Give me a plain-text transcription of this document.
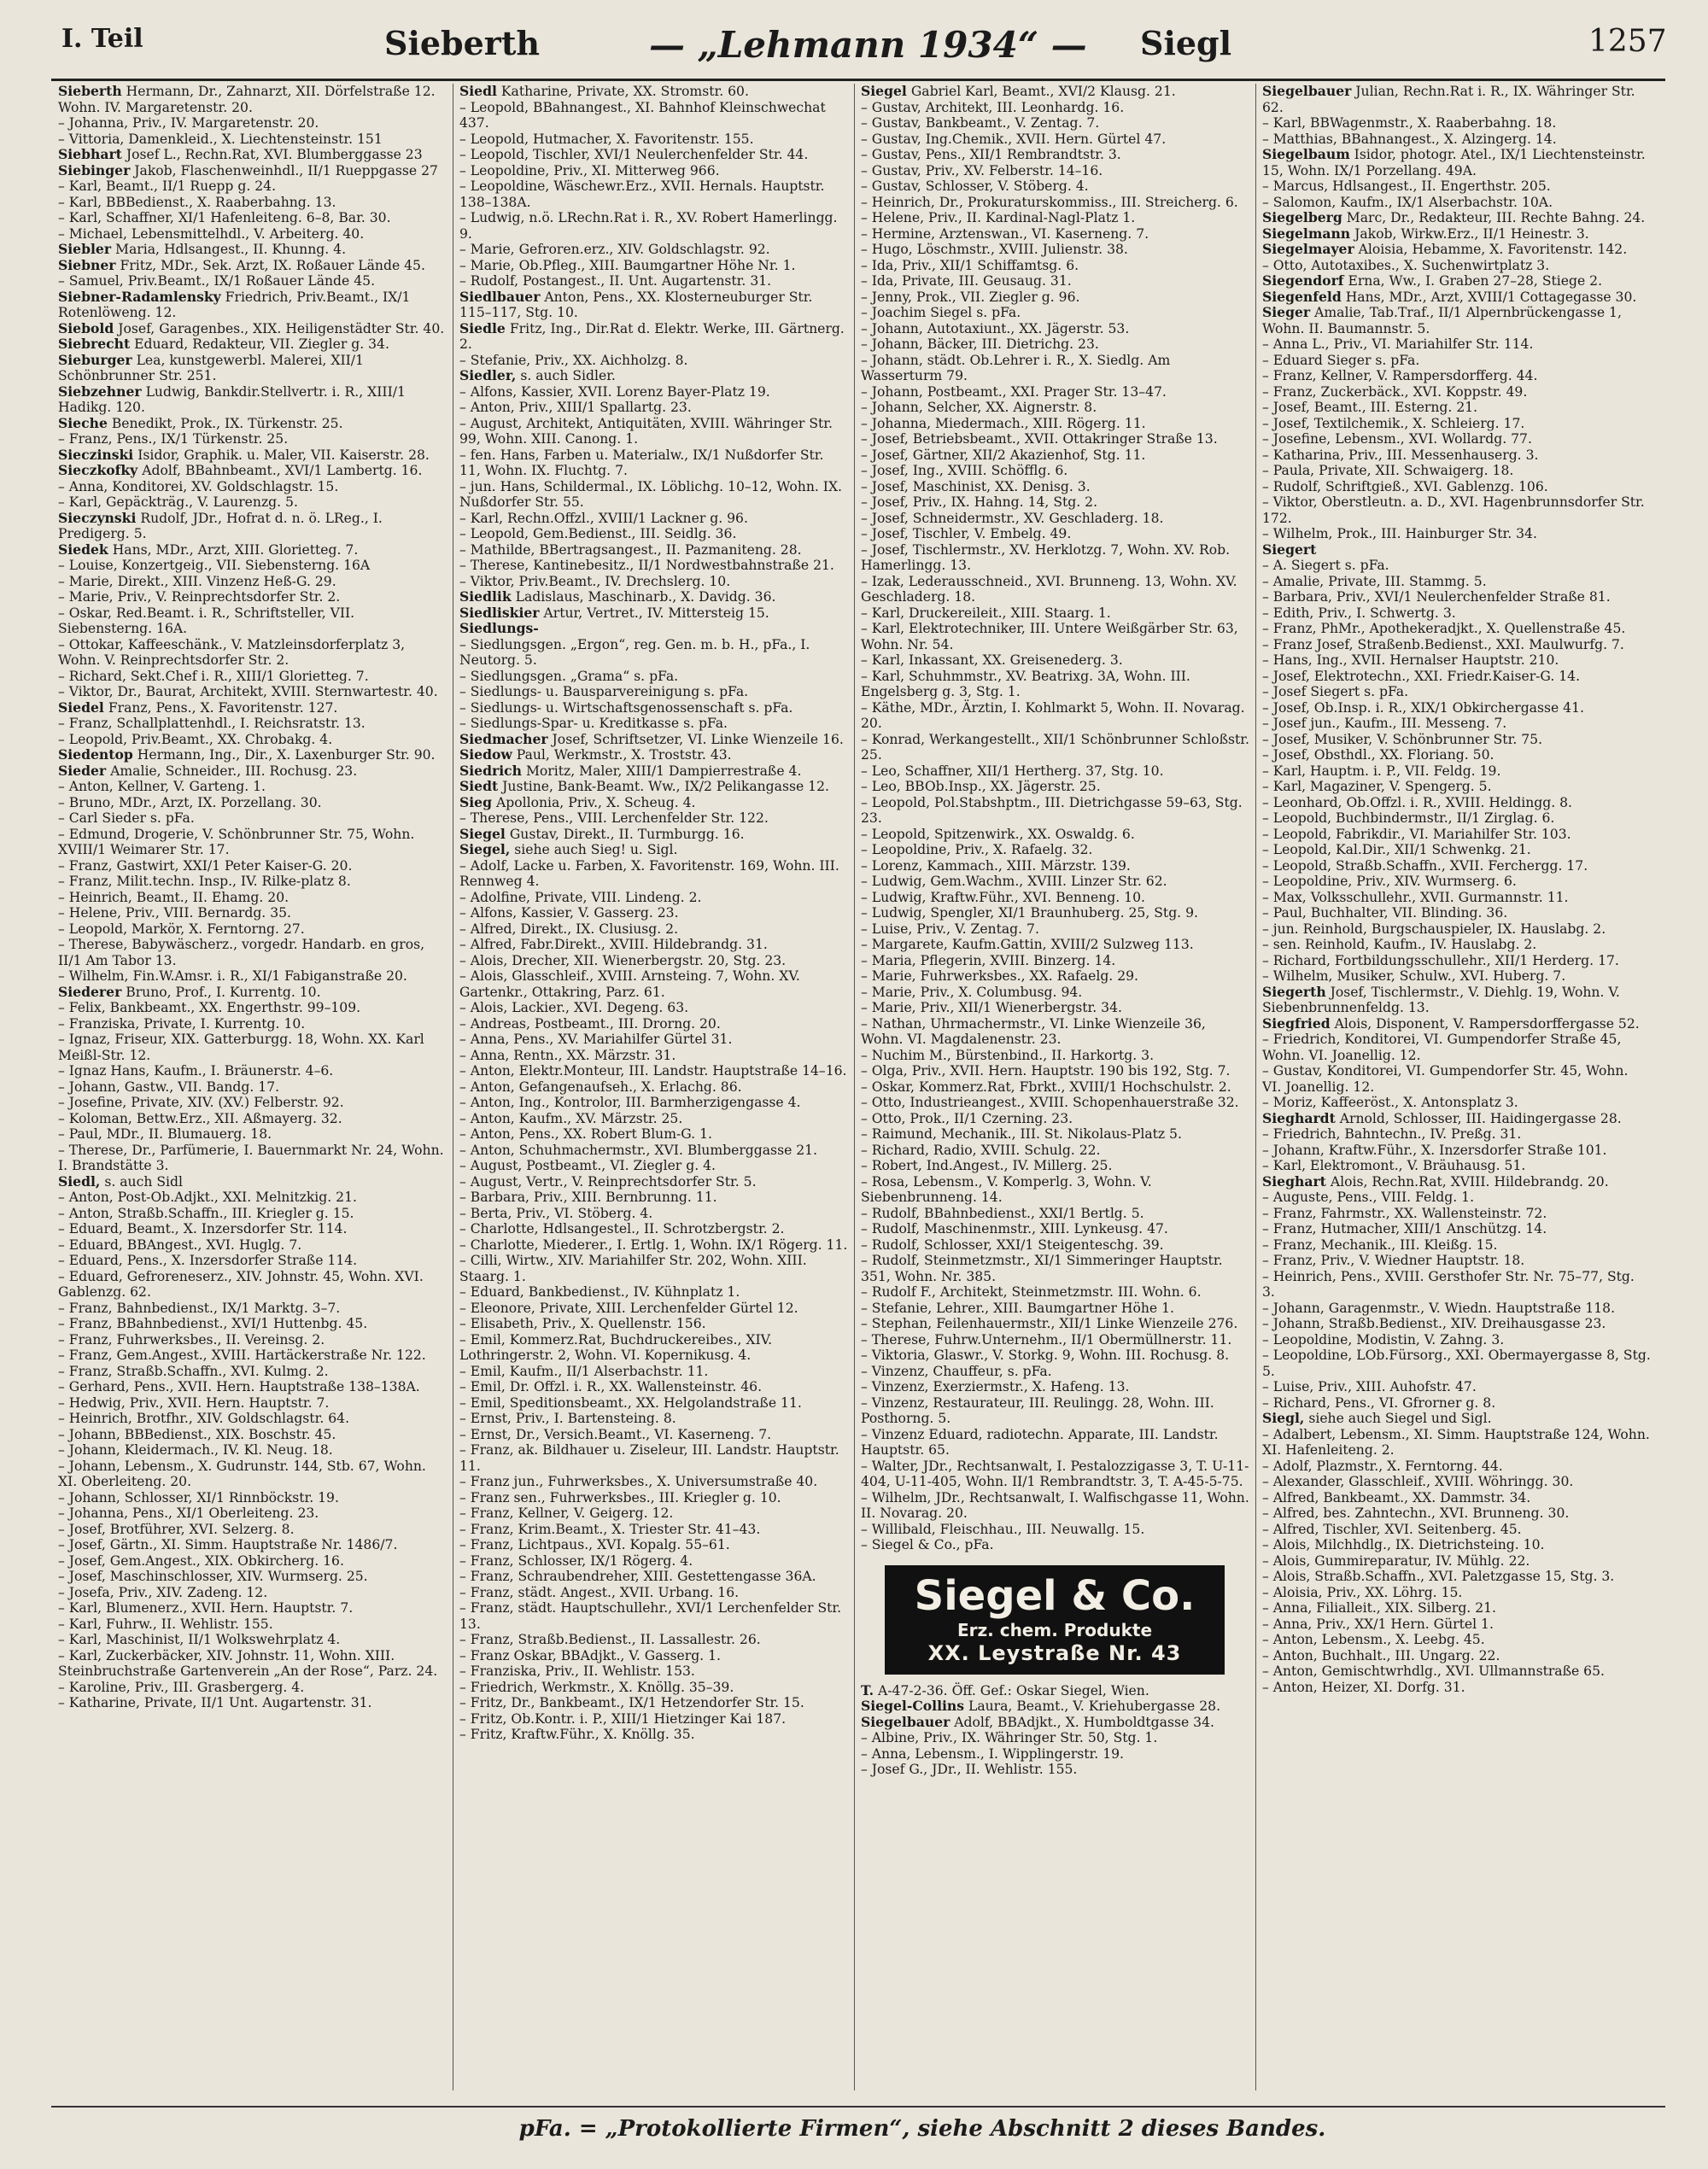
I. Teil	Sieberth	— „Lehmann 1934“ — Siegl	1257

Sieberth Hermann, Dr., Zahnarzt, XII. Dörfelstraße 12. Wohn. IV. Margaretenstr. 20.

– Johanna, Priv., IV. Margaretenstr. 20.

– Vittoria, Damenkleid., X. Liechtensteinstr. 151

Siebhart Josef L., Rechn.Rat, XVI. Blumberggasse 23

Siebinger Jakob, Flaschenweinhdl., II/1 Rueppgasse 27

– Karl, Beamt., II/1 Ruepp g. 24.

– Karl, BBBedienst., X. Raaberbahng. 13.

– Karl, Schaffner, XI/1 Hafenleiteng. 6–8, Bar. 30.

– Michael, Lebensmittelhdl., V. Arbeiterg. 40.

Siebler Maria, Hdlsangest., II. Khunng. 4.

Siebner Fritz, MDr., Sek. Arzt, IX. Roßauer Lände 45.

– Samuel, Priv.Beamt., IX/1 Roßauer Lände 45.

Siebner-Radamlensky Friedrich, Priv.Beamt., IX/1 Rotenlöweng. 12.

Siebold Josef, Garagenbes., XIX. Heiligenstädter Str. 40.

Siebrecht Eduard, Redakteur, VII. Ziegler g. 34.

Sieburger Lea, kunstgewerbl. Malerei, XII/1 Schönbrunner Str. 251.

Siebzehner Ludwig, Bankdir.Stellvertr. i. R., XIII/1 Hadikg. 120.

Sieche Benedikt, Prok., IX. Türkenstr. 25.

– Franz, Pens., IX/1 Türkenstr. 25.

Sieczinski Isidor, Graphik. u. Maler, VII. Kaiserstr. 28.

Sieczkofky Adolf, BBahnbeamt., XVI/1 Lambertg. 16.

– Anna, Konditorei, XV. Goldschlagstr. 15.

– Karl, Gepäckträg., V. Laurenzg. 5.

Sieczynski Rudolf, JDr., Hofrat d. n. ö. LReg., I. Predigerg. 5.

Siedek Hans, MDr., Arzt, XIII. Glorietteg. 7.

– Louise, Konzertgeig., VII. Siebensterng. 16A

– Marie, Direkt., XIII. Vinzenz Heß-G. 29.

– Marie, Priv., V. Reinprechtsdorfer Str. 2.

– Oskar, Red.Beamt. i. R., Schriftsteller, VII. Siebensterng. 16A.

– Ottokar, Kaffeeschänk., V. Matzleinsdorferplatz 3, Wohn. V. Reinprechtsdorfer Str. 2.

– Richard, Sekt.Chef i. R., XIII/1 Glorietteg. 7.

– Viktor, Dr., Baurat, Architekt, XVIII. Sternwartestr. 40.

Siedel Franz, Pens., X. Favoritenstr. 127.

– Franz, Schallplattenhdl., I. Reichsratstr. 13.

– Leopold, Priv.Beamt., XX. Chrobakg. 4.

Siedentop Hermann, Ing., Dir., X. Laxenburger Str. 90.

Sieder Amalie, Schneider., III. Rochusg. 23.

– Anton, Kellner, V. Garteng. 1.

– Bruno, MDr., Arzt, IX. Porzellang. 30.

– Carl Sieder s. pFa.

– Edmund, Drogerie, V. Schönbrunner Str. 75, Wohn. XVIII/1 Weimarer Str. 17.

– Franz, Gastwirt, XXI/1 Peter Kaiser-G. 20.

– Franz, Milit.techn. Insp., IV. Rilke-platz 8.

– Heinrich, Beamt., II. Ehamg. 20.

– Helene, Priv., VIII. Bernardg. 35.

– Leopold, Markör, X. Ferntorng. 27.

– Therese, Babywäscherz., vorgedr. Handarb. en gros, II/1 Am Tabor 13.

– Wilhelm, Fin.W.Amsr. i. R., XI/1 Fabiganstraße 20.

Siederer Bruno, Prof., I. Kurrentg. 10.

– Felix, Bankbeamt., XX. Engerthstr. 99–109.

– Franziska, Private, I. Kurrentg. 10.

– Ignaz, Friseur, XIX. Gatterburgg. 18, Wohn. XX. Karl Meißl-Str. 12.

– Ignaz Hans, Kaufm., I. Bräunerstr. 4–6.

– Johann, Gastw., VII. Bandg. 17.

– Josefine, Private, XIV. (XV.) Felberstr. 92.

– Koloman, Bettw.Erz., XII. Aßmayerg. 32.

– Paul, MDr., II. Blumauerg. 18.

– Therese, Dr., Parfümerie, I. Bauernmarkt Nr. 24, Wohn. I. Brandstätte 3.

Siedl, s. auch Sidl

– Anton, Post-Ob.Adjkt., XXI. Melnitzkig. 21.

– Anton, Straßb.Schaffn., III. Kriegler g. 15.

– Eduard, Beamt., X. Inzersdorfer Str. 114.

– Eduard, BBAngest., XVI. Huglg. 7.

– Eduard, Pens., X. Inzersdorfer Straße 114.

– Eduard, Gefroreneserz., XIV. Johnstr. 45, Wohn. XVI. Gablenzg. 62.

– Franz, Bahnbedienst., IX/1 Marktg. 3–7.

– Franz, BBahnbedienst., XVI/1 Huttenbg. 45.

– Franz, Fuhrwerksbes., II. Vereinsg. 2.

– Franz, Gem.Angest., XVIII. Hartäckerstraße Nr. 122.

– Franz, Straßb.Schaffn., XVI. Kulmg. 2.

– Gerhard, Pens., XVII. Hern. Hauptstraße 138–138A.

– Hedwig, Priv., XVII. Hern. Hauptstr. 7.

– Heinrich, Brotfhr., XIV. Goldschlagstr. 64.

– Johann, BBBedienst., XIX. Boschstr. 45.

– Johann, Kleidermach., IV. Kl. Neug. 18.

– Johann, Lebensm., X. Gudrunstr. 144, Stb. 67, Wohn. XI. Oberleiteng. 20.

– Johann, Schlosser, XI/1 Rinnböckstr. 19.

– Johanna, Pens., XI/1 Oberleiteng. 23.

– Josef, Brotführer, XVI. Selzerg. 8.

– Josef, Gärtn., XI. Simm. Hauptstraße Nr. 1486/7.

– Josef, Gem.Angest., XIX. Obkircherg. 16.

– Josef, Maschinschlosser, XIV. Wurmserg. 25.

– Josefa, Priv., XIV. Zadeng. 12.

– Karl, Blumenerz., XVII. Hern. Hauptstr. 7.

– Karl, Fuhrw., II. Wehlistr. 155.

– Karl, Maschinist, II/1 Wolkswehrplatz 4.

– Karl, Zuckerbäcker, XIV. Johnstr. 11, Wohn. XIII. Steinbruchstraße Gartenverein „An der Rose“, Parz. 24.

– Karoline, Priv., III. Grasbergerg. 4.

– Katharine, Private, II/1 Unt. Augartenstr. 31.

Siedl Katharine, Private, XX. Stromstr. 60.

– Leopold, BBahnangest., XI. Bahnhof Kleinschwechat 437.

– Leopold, Hutmacher, X. Favoritenstr. 155.

– Leopold, Tischler, XVI/1 Neulerchenfelder Str. 44.

– Leopoldine, Priv., XI. Mitterweg 966.

– Leopoldine, Wäschewr.Erz., XVII. Hernals. Hauptstr. 138–138A.

– Ludwig, n.ö. LRechn.Rat i. R., XV. Robert Hamerlingg. 9.

– Marie, Gefroren.erz., XIV. Goldschlagstr. 92.

– Marie, Ob.Pfleg., XIII. Baumgartner Höhe Nr. 1.

– Rudolf, Postangest., II. Unt. Augartenstr. 31.

Siedlbauer Anton, Pens., XX. Klosterneuburger Str. 115–117, Stg. 10.

Siedle Fritz, Ing., Dir.Rat d. Elektr. Werke, III. Gärtnerg. 2.

– Stefanie, Priv., XX. Aichholzg. 8.

Siedler, s. auch Sidler.

– Alfons, Kassier, XVII. Lorenz Bayer-Platz 19.

– Anton, Priv., XIII/1 Spallartg. 23.

– August, Architekt, Antiquitäten, XVIII. Währinger Str. 99, Wohn. XIII. Canong. 1.

– fen. Hans, Farben u. Materialw., IX/1 Nußdorfer Str. 11, Wohn. IX. Fluchtg. 7.

– jun. Hans, Schildermal., IX. Löblichg. 10–12, Wohn. IX. Nußdorfer Str. 55.

– Karl, Rechn.Offzl., XVIII/1 Lackner g. 96.

– Leopold, Gem.Bedienst., III. Seidlg. 36.

– Mathilde, BBertragsangest., II. Pazmaniteng. 28.

– Therese, Kantinebesitz., II/1 Nordwestbahnstraße 21.

– Viktor, Priv.Beamt., IV. Drechslerg. 10.

Siedlik Ladislaus, Maschinarb., X. Davidg. 36.

Siedliskier Artur, Vertret., IV. Mittersteig 15.

Siedlungs-

– Siedlungsgen. „Ergon“, reg. Gen. m. b. H., pFa., I. Neutorg. 5.

– Siedlungsgen. „Grama“ s. pFa.

– Siedlungs- u. Bausparvereinigung s. pFa.

– Siedlungs- u. Wirtschaftsgenossenschaft s. pFa.

– Siedlungs-Spar- u. Kreditkasse s. pFa.

Siedmacher Josef, Schriftsetzer, VI. Linke Wienzeile 16.

Siedow Paul, Werkmstr., X. Troststr. 43.

Siedrich Moritz, Maler, XIII/1 Dampierrestraße 4.

Siedt Justine, Bank-Beamt. Ww., IX/2 Pelikangasse 12.

Sieg Apollonia, Priv., X. Scheug. 4.

– Therese, Pens., VIII. Lerchenfelder Str. 122.

Siegel Gustav, Direkt., II. Turmburgg. 16.

Siegel, siehe auch Sieg! u. Sigl.

– Adolf, Lacke u. Farben, X. Favoritenstr. 169, Wohn. III. Rennweg 4.

– Adolfine, Private, VIII. Lindeng. 2.

– Alfons, Kassier, V. Gasserg. 23.

– Alfred, Direkt., IX. Clusiusg. 2.

– Alfred, Fabr.Direkt., XVIII. Hildebrandg. 31.

– Alois, Drecher, XII. Wienerbergstr. 20, Stg. 23.

– Alois, Glasschleif., XVIII. Arnsteing. 7, Wohn. XV. Gartenkr., Ottakring, Parz. 61.

– Alois, Lackier., XVI. Degeng. 63.

– Andreas, Postbeamt., III. Drorng. 20.

– Anna, Pens., XV. Mariahilfer Gürtel 31.

– Anna, Rentn., XX. Märzstr. 31.

– Anton, Elektr.Monteur, III. Landstr. Hauptstraße 14–16.

– Anton, Gefangenaufseh., X. Erlachg. 86.

– Anton, Ing., Kontrolor, III. Barmherzigengasse 4.

– Anton, Kaufm., XV. Märzstr. 25.

– Anton, Pens., XX. Robert Blum-G. 1.

– Anton, Schuhmachermstr., XVI. Blumberggasse 21.

– August, Postbeamt., VI. Ziegler g. 4.

– August, Vertr., V. Reinprechtsdorfer Str. 5.

– Barbara, Priv., XIII. Bernbrunng. 11.

– Berta, Priv., VI. Stöberg. 4.

– Charlotte, Hdlsangestel., II. Schrotzbergstr. 2.

– Charlotte, Miederer., I. Ertlg. 1, Wohn. IX/1 Rögerg. 11.

– Cilli, Wirtw., XIV. Mariahilfer Str. 202, Wohn. XIII. Staarg. 1.

– Eduard, Bankbedienst., IV. Kühnplatz 1.

– Eleonore, Private, XIII. Lerchenfelder Gürtel 12.

– Elisabeth, Priv., X. Quellenstr. 156.

– Emil, Kommerz.Rat, Buchdruckereibes., XIV. Lothringerstr. 2, Wohn. VI. Kopernikusg. 4.

– Emil, Kaufm., II/1 Alserbachstr. 11.

– Emil, Dr. Offzl. i. R., XX. Wallensteinstr. 46.

– Emil, Speditionsbeamt., XX. Helgolandstraße 11.

– Ernst, Priv., I. Bartensteing. 8.

– Ernst, Dr., Versich.Beamt., VI. Kaserneng. 7.

– Franz, ak. Bildhauer u. Ziseleur, III. Landstr. Hauptstr. 11.

– Franz jun., Fuhrwerksbes., X. Universumstraße 40.

– Franz sen., Fuhrwerksbes., III. Kriegler g. 10.

– Franz, Kellner, V. Geigerg. 12.

– Franz, Krim.Beamt., X. Triester Str. 41–43.

– Franz, Lichtpaus., XVI. Kopalg. 55–61.

– Franz, Schlosser, IX/1 Rögerg. 4.

– Franz, Schraubendreher, XIII. Gestettengasse 36A.

– Franz, städt. Angest., XVII. Urbang. 16.

– Franz, städt. Hauptschullehr., XVI/1 Lerchenfelder Str. 13.

– Franz, Straßb.Bedienst., II. Lassallestr. 26.

– Franz Oskar, BBAdjkt., V. Gasserg. 1.

– Franziska, Priv., II. Wehlistr. 153.

– Friedrich, Werkmstr., X. Knöllg. 35–39.

– Fritz, Dr., Bankbeamt., IX/1 Hetzendorfer Str. 15.

– Fritz, Ob.Kontr. i. P., XIII/1 Hietzinger Kai 187.

– Fritz, Kraftw.Führ., X. Knöllg. 35.

Siegel Gabriel Karl, Beamt., XVI/2 Klausg. 21.

– Gustav, Architekt, III. Leonhardg. 16.

– Gustav, Bankbeamt., V. Zentag. 7.

– Gustav, Ing.Chemik., XVII. Hern. Gürtel 47.

– Gustav, Pens., XII/1 Rembrandtstr. 3.

– Gustav, Priv., XV. Felberstr. 14–16.

– Gustav, Schlosser, V. Stöberg. 4.

– Heinrich, Dr., Prokuraturskommiss., III. Streicherg. 6.

– Helene, Priv., II. Kardinal-Nagl-Platz 1.

– Hermine, Arztenswan., VI. Kaserneng. 7.

– Hugo, Löschmstr., XVIII. Julienstr. 38.

– Ida, Priv., XII/1 Schiffamtsg. 6.

– Ida, Private, III. Geusaug. 31.

– Jenny, Prok., VII. Ziegler g. 96.

– Joachim Siegel s. pFa.

– Johann, Autotaxiunt., XX. Jägerstr. 53.

– Johann, Bäcker, III. Dietrichg. 23.

– Johann, städt. Ob.Lehrer i. R., X. Siedlg. Am Wasserturm 79.

– Johann, Postbeamt., XXI. Prager Str. 13–47.

– Johann, Selcher, XX. Aignerstr. 8.

– Johanna, Miedermach., XIII. Rögerg. 11.

– Josef, Betriebsbeamt., XVII. Ottakringer Straße 13.

– Josef, Gärtner, XII/2 Akazienhof, Stg. 11.

– Josef, Ing., XVIII. Schöfflg. 6.

– Josef, Maschinist, XX. Denisg. 3.

– Josef, Priv., IX. Hahng. 14, Stg. 2.

– Josef, Schneidermstr., XV. Geschladerg. 18.

– Josef, Tischler, V. Embelg. 49.

– Josef, Tischlermstr., XV. Herklotzg. 7, Wohn. XV. Rob. Hamerlingg. 13.

– Izak, Lederausschneid., XVI. Brunneng. 13, Wohn. XV. Geschladerg. 18.

– Karl, Druckereileit., XIII. Staarg. 1.

– Karl, Elektrotechniker, III. Untere Weißgärber Str. 63, Wohn. Nr. 54.

– Karl, Inkassant, XX. Greisenederg. 3.

– Karl, Schuhmmstr., XV. Beatrixg. 3A, Wohn. III. Engelsberg g. 3, Stg. 1.

– Käthe, MDr., Ärztin, I. Kohlmarkt 5, Wohn. II. Novarag. 20.

– Konrad, Werkangestellt., XII/1 Schönbrunner Schloßstr. 25.

– Leo, Schaffner, XII/1 Hertherg. 37, Stg. 10.

– Leo, BBOb.Insp., XX. Jägerstr. 25.

– Leopold, Pol.Stabshptm., III. Dietrichgasse 59–63, Stg. 23.

– Leopold, Spitzenwirk., XX. Oswaldg. 6.

– Leopoldine, Priv., X. Rafaelg. 32.

– Lorenz, Kammach., XIII. Märzstr. 139.

– Ludwig, Gem.Wachm., XVIII. Linzer Str. 62.

– Ludwig, Kraftw.Führ., XVI. Benneng. 10.

– Ludwig, Spengler, XI/1 Braunhuberg. 25, Stg. 9.

– Luise, Priv., V. Zentag. 7.

– Margarete, Kaufm.Gattin, XVIII/2 Sulzweg 113.

– Maria, Pflegerin, XVIII. Binzerg. 14.

– Marie, Fuhrwerksbes., XX. Rafaelg. 29.

– Marie, Priv., X. Columbusg. 94.

– Marie, Priv., XII/1 Wienerbergstr. 34.

– Nathan, Uhrmachermstr., VI. Linke Wienzeile 36, Wohn. VI. Magdalenenstr. 23.

– Nuchim M., Bürstenbind., II. Harkortg. 3.

– Olga, Priv., XVII. Hern. Hauptstr. 190 bis 192, Stg. 7.

– Oskar, Kommerz.Rat, Fbrkt., XVIII/1 Hochschulstr. 2.

– Otto, Industrieangest., XVIII. Schopenhauerstraße 32.

– Otto, Prok., II/1 Czerning. 23.

– Raimund, Mechanik., III. St. Nikolaus-Platz 5.

– Richard, Radio, XVIII. Schulg. 22.

– Robert, Ind.Angest., IV. Millerg. 25.

– Rosa, Lebensm., V. Komperlg. 3, Wohn. V. Siebenbrunneng. 14.

– Rudolf, BBahnbedienst., XXI/1 Bertlg. 5.

– Rudolf, Maschinenmstr., XIII. Lynkeusg. 47.

– Rudolf, Schlosser, XXI/1 Steigenteschg. 39.

– Rudolf, Steinmetzmstr., XI/1 Simmeringer Hauptstr. 351, Wohn. Nr. 385.

– Rudolf F., Architekt, Steinmetzmstr. III. Wohn. 6.

– Stefanie, Lehrer., XIII. Baumgartner Höhe 1.

– Stephan, Feilenhauermstr., XII/1 Linke Wienzeile 276.

– Therese, Fuhrw.Unternehm., II/1 Obermüllnerstr. 11.

– Viktoria, Glaswr., V. Storkg. 9, Wohn. III. Rochusg. 8.

– Vinzenz, Chauffeur, s. pFa.

– Vinzenz, Exerziermstr., X. Hafeng. 13.

– Vinzenz, Restaurateur, III. Reulingg. 28, Wohn. III. Posthorng. 5.

– Vinzenz Eduard, radiotechn. Apparate, III. Landstr. Hauptstr. 65.

– Walter, JDr., Rechtsanwalt, I. Pestalozzigasse 3, T. U-11-404, U-11-405, Wohn. II/1 Rembrandtstr. 3, T. A-45-5-75.

– Wilhelm, JDr., Rechtsanwalt, I. Walfischgasse 11, Wohn. II. Novarag. 20.

– Willibald, Fleischhau., III. Neuwallg. 15.

– Siegel & Co., pFa.

Siegel & Co.
Erz. chem. Produkte
XX. Leystraße Nr. 43

T. A-47-2-36. Öff. Gef.: Oskar Siegel, Wien.

Siegel-Collins Laura, Beamt., V. Kriehubergasse 28.

Siegelbauer Adolf, BBAdjkt., X. Humboldtgasse 34.

– Albine, Priv., IX. Währinger Str. 50, Stg. 1.

– Anna, Lebensm., I. Wipplingerstr. 19.

– Josef G., JDr., II. Wehlistr. 155.

Siegelbauer Julian, Rechn.Rat i. R., IX. Währinger Str. 62.

– Karl, BBWagenmstr., X. Raaberbahng. 18.

– Matthias, BBahnangest., X. Alzingerg. 14.

Siegelbaum Isidor, photogr. Atel., IX/1 Liechtensteinstr. 15, Wohn. IX/1 Porzellang. 49A.

– Marcus, Hdlsangest., II. Engerthstr. 205.

– Salomon, Kaufm., IX/1 Alserbachstr. 10A.

Siegelberg Marc, Dr., Redakteur, III. Rechte Bahng. 24.

Siegelmann Jakob, Wirkw.Erz., II/1 Heinestr. 3.

Siegelmayer Aloisia, Hebamme, X. Favoritenstr. 142.

– Otto, Autotaxibes., X. Suchenwirtplatz 3.

Siegendorf Erna, Ww., I. Graben 27–28, Stiege 2.

Siegenfeld Hans, MDr., Arzt, XVIII/1 Cottagegasse 30.

Sieger Amalie, Tab.Traf., II/1 Alpernbrückengasse 1, Wohn. II. Baumannstr. 5.

– Anna L., Priv., VI. Mariahilfer Str. 114.

– Eduard Sieger s. pFa.

– Franz, Kellner, V. Rampersdorfferg. 44.

– Franz, Zuckerbäck., XVI. Koppstr. 49.

– Josef, Beamt., III. Esterng. 21.

– Josef, Textilchemik., X. Schleierg. 17.

– Josefine, Lebensm., XVI. Wollardg. 77.

– Katharina, Priv., III. Messenhauserg. 3.

– Paula, Private, XII. Schwaigerg. 18.

– Rudolf, Schriftgieß., XVI. Gablenzg. 106.

– Viktor, Oberstleutn. a. D., XVI. Hagenbrunnsdorfer Str. 172.

– Wilhelm, Prok., III. Hainburger Str. 34.

Siegert

– A. Siegert s. pFa.

– Amalie, Private, III. Stammg. 5.

– Barbara, Priv., XVI/1 Neulerchenfelder Straße 81.

– Edith, Priv., I. Schwertg. 3.

– Franz, PhMr., Apothekeradjkt., X. Quellenstraße 45.

– Franz Josef, Straßenb.Bedienst., XXI. Maulwurfg. 7.

– Hans, Ing., XVII. Hernalser Hauptstr. 210.

– Josef, Elektrotechn., XXI. Friedr.Kaiser-G. 14.

– Josef Siegert s. pFa.

– Josef, Ob.Insp. i. R., XIX/1 Obkirchergasse 41.

– Josef jun., Kaufm., III. Messeng. 7.

– Josef, Musiker, V. Schönbrunner Str. 75.

– Josef, Obsthdl., XX. Floriang. 50.

– Karl, Hauptm. i. P., VII. Feldg. 19.

– Karl, Magaziner, V. Spengerg. 5.

– Leonhard, Ob.Offzl. i. R., XVIII. Heldingg. 8.

– Leopold, Buchbindermstr., II/1 Zirglag. 6.

– Leopold, Fabrikdir., VI. Mariahilfer Str. 103.

– Leopold, Kal.Dir., XII/1 Schwenkg. 21.

– Leopold, Straßb.Schaffn., XVII. Ferchergg. 17.

– Leopoldine, Priv., XIV. Wurmserg. 6.

– Max, Volksschullehr., XVII. Gurmannstr. 11.

– Paul, Buchhalter, VII. Blinding. 36.

– jun. Reinhold, Burgschauspieler, IX. Hauslabg. 2.

– sen. Reinhold, Kaufm., IV. Hauslabg. 2.

– Richard, Fortbildungsschullehr., XII/1 Herderg. 17.

– Wilhelm, Musiker, Schulw., XVI. Huberg. 7.

Siegerth Josef, Tischlermstr., V. Diehlg. 19, Wohn. V. Siebenbrunnenfeldg. 13.

Siegfried Alois, Disponent, V. Rampersdorffergasse 52.

– Friedrich, Konditorei, VI. Gumpendorfer Straße 45, Wohn. VI. Joanellig. 12.

– Gustav, Konditorei, VI. Gumpendorfer Str. 45, Wohn. VI. Joanellig. 12.

– Moriz, Kaffeeröst., X. Antonsplatz 3.

Sieghardt Arnold, Schlosser, III. Haidingergasse 28.

– Friedrich, Bahntechn., IV. Preßg. 31.

– Johann, Kraftw.Führ., X. Inzersdorfer Straße 101.

– Karl, Elektromont., V. Bräuhausg. 51.

Sieghart Alois, Rechn.Rat, XVIII. Hildebrandg. 20.

– Auguste, Pens., VIII. Feldg. 1.

– Franz, Fahrmstr., XX. Wallensteinstr. 72.

– Franz, Hutmacher, XIII/1 Anschützg. 14.

– Franz, Mechanik., III. Kleißg. 15.

– Franz, Priv., V. Wiedner Hauptstr. 18.

– Heinrich, Pens., XVIII. Gersthofer Str. Nr. 75–77, Stg. 3.

– Johann, Garagenmstr., V. Wiedn. Hauptstraße 118.

– Johann, Straßb.Bedienst., XIV. Dreihausgasse 23.

– Leopoldine, Modistin, V. Zahng. 3.

– Leopoldine, LOb.Fürsorg., XXI. Obermayergasse 8, Stg. 5.

– Luise, Priv., XIII. Auhofstr. 47.

– Richard, Pens., VI. Gfrorner g. 8.

Siegl, siehe auch Siegel und Sigl.

– Adalbert, Lebensm., XI. Simm. Hauptstraße 124, Wohn. XI. Hafenleiteng. 2.

– Adolf, Plazmstr., X. Ferntorng. 44.

– Alexander, Glasschleif., XVIII. Wöhringg. 30.

– Alfred, Bankbeamt., XX. Dammstr. 34.

– Alfred, bes. Zahntechn., XVI. Brunneng. 30.

– Alfred, Tischler, XVI. Seitenberg. 45.

– Alois, Milchhdlg., IX. Dietrichsteing. 10.

– Alois, Gummireparatur, IV. Mühlg. 22.

– Alois, Straßb.Schaffn., XVI. Paletzgasse 15, Stg. 3.

– Aloisia, Priv., XX. Löhrg. 15.

– Anna, Filialleit., XIX. Silberg. 21.

– Anna, Priv., XX/1 Hern. Gürtel 1.

– Anton, Lebensm., X. Leebg. 45.

– Anton, Buchhalt., III. Ungarg. 22.

– Anton, Gemischtwrhdlg., XVI. Ullmannstraße 65.

– Anton, Heizer, XI. Dorfg. 31.

pFa. = „Protokollierte Firmen“, siehe Abschnitt 2 dieses Bandes.
